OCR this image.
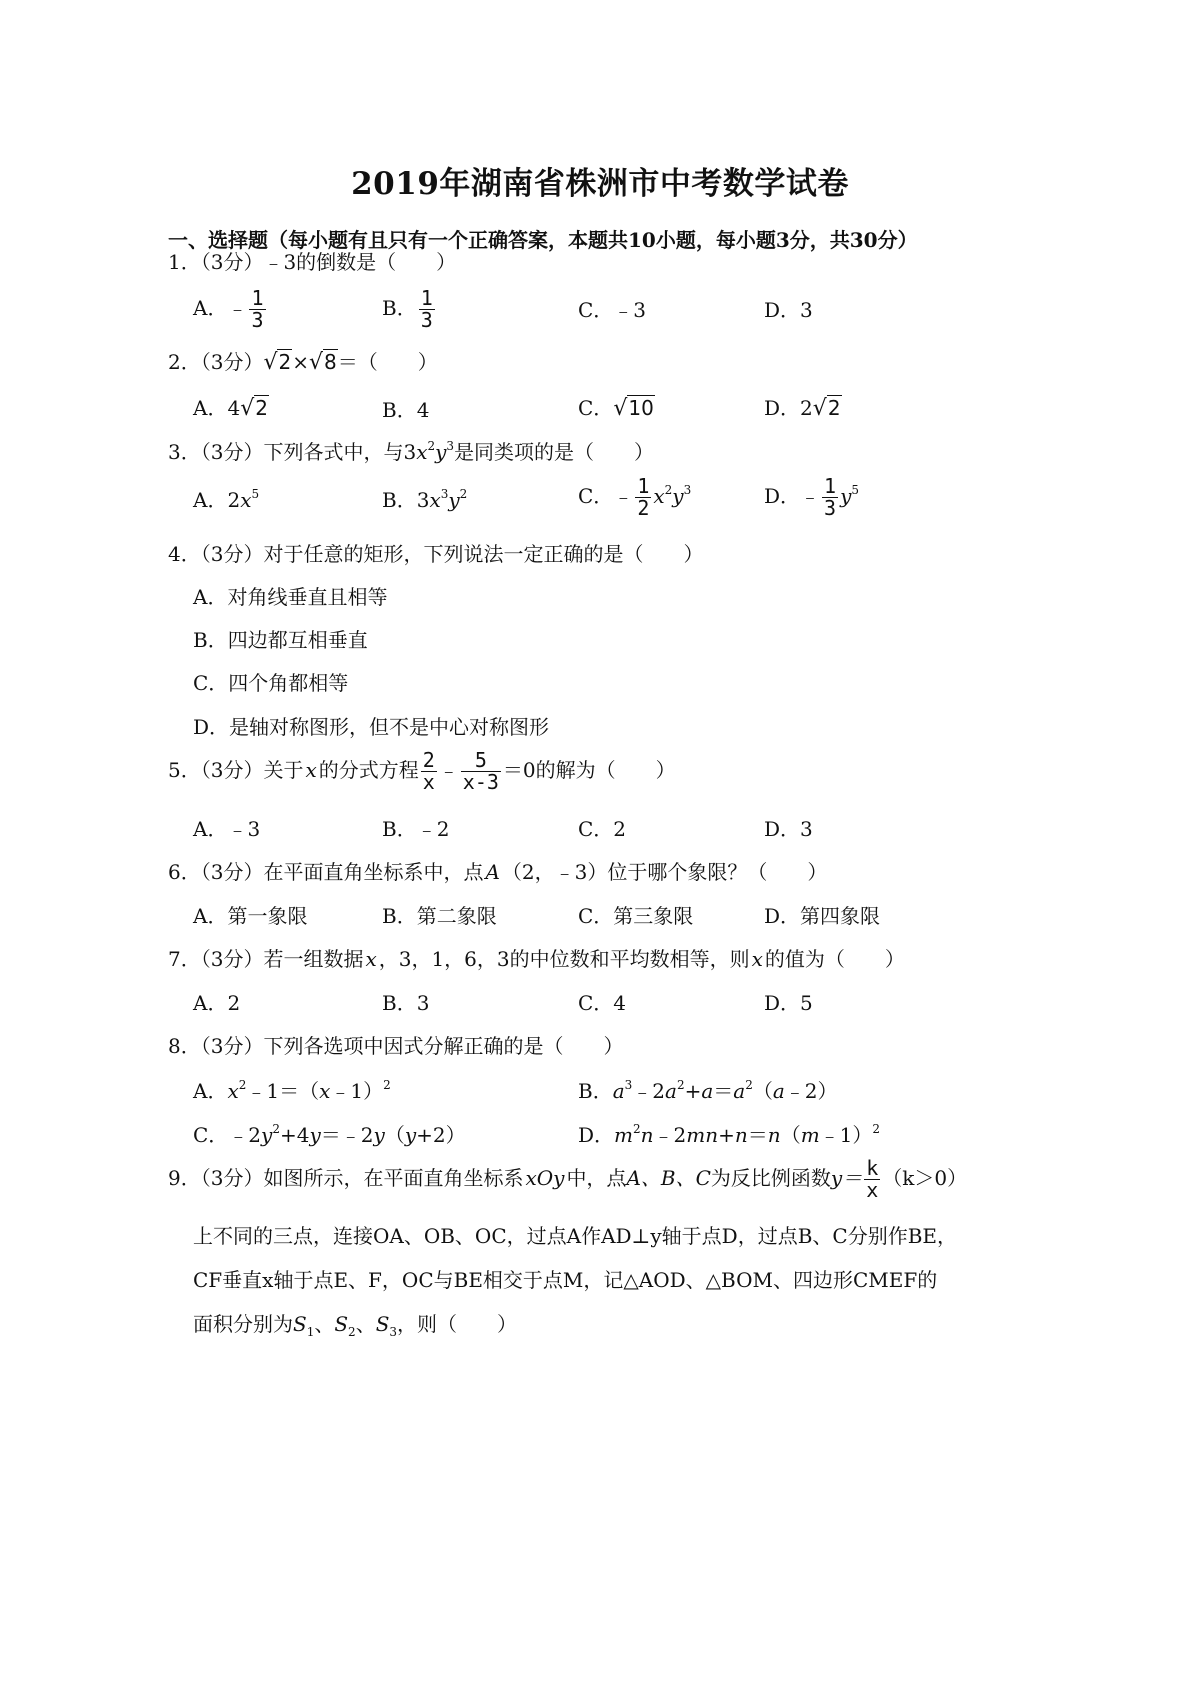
2019年湖南省株洲市中考数学试卷
一、选择题（每小题有且只有一个正确答案，本题共10小题，每小题3分，共30分）
1．（3分）﹣3的倒数是（　　）
A．﹣ $\frac{1}{3}$	B． $\frac{1}{3}$	C．﹣3	D．3
2．（3分）√2×√8＝（　　）
A．4√2	B．4	C．√10	D．2√2
3．（3分）下列各式中，与$3x^2y^3$是同类项的是（　　）
A．$2x^5$	B．$3x^3y^2$	C．﹣ $\frac{1}{2} x^2y^3$	D．﹣ $\frac{1}{3} y^5$
4．（3分）对于任意的矩形，下列说法一定正确的是（　　）
A．对角线垂直且相等
B．四边都互相垂直
C．四个角都相等
D．是轴对称图形，但不是中心对称图形
5．（3分）关于 x 的分式方程 $\frac{2}{x}$ ﹣ $\frac{5}{x-3} =0$的解为（　　）
A．﹣3	B．﹣2	C．2	D．3
6．（3分）在平面直角坐标系中，点 A （2，﹣3）位于哪个象限？（　　）
A．第一象限	B．第二象限	C．第三象限	D．第四象限
7．（3分）若一组数据 x ，3，1，6，3的中位数和平均数相等，则 x 的值为（　　）
A．2	B．3	C．4	D．5
8．（3分）下列各选项中因式分解正确的是（　　）
A．$x^2﹣1=(x﹣1)^2$	B．$a^3﹣2a^2+a=a^2(a﹣2)$
C．$﹣2y^2+4y=﹣2y(y+2)$	D．$m^2n﹣2mn+n=n(m﹣1)^2$
9．（3分）如图所示，在平面直角坐标系 xOy 中，点A、B、C为反比例函数$y= \frac{k}{x} (k>0)$
上不同的三点，连接OA、OB、OC，过点A作AD⊥y轴于点D，过点B、C分别作BE，
CF垂直x轴于点E、F，OC与BE相交于点M，记△AOD、△BOM、四边形CMEF的
面积分别为$S_1$、$S_2$、$S_3$，则（　　）
